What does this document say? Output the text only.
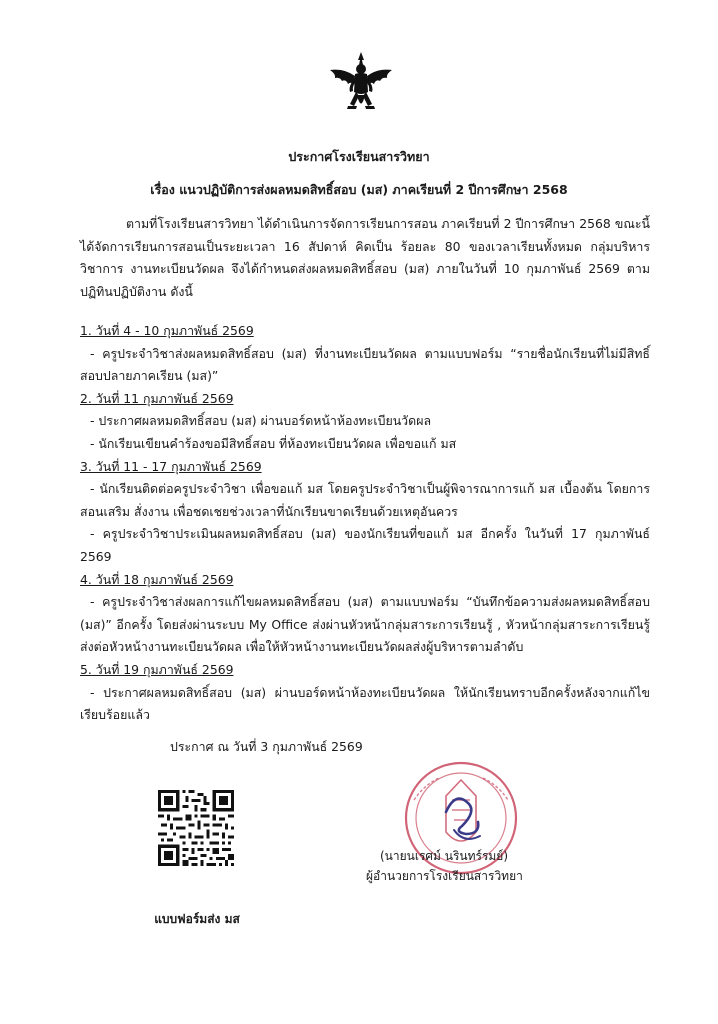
ประกาศโรงเรียนสารวิทยา
เรื่อง แนวปฏิบัติการส่งผลหมดสิทธิ์สอบ (มส) ภาคเรียนที่ 2 ปีการศึกษา 2568

ตามที่โรงเรียนสารวิทยา ได้ดำเนินการจัดการเรียนการสอน ภาคเรียนที่ 2 ปีการศึกษา 2568 ขณะนี้ได้จัดการเรียนการสอนเป็นระยะเวลา 16 สัปดาห์ คิดเป็น ร้อยละ 80 ของเวลาเรียนทั้งหมด กลุ่มบริหารวิชาการ งานทะเบียนวัดผล จึงได้กำหนดส่งผลหมดสิทธิ์สอบ (มส) ภายในวันที่ 10 กุมภาพันธ์ 2569 ตามปฏิทินปฏิบัติงาน ดังนี้

1. วันที่ 4 - 10 กุมภาพันธ์ 2569
- ครูประจำวิชาส่งผลหมดสิทธิ์สอบ (มส) ที่งานทะเบียนวัดผล ตามแบบฟอร์ม “รายชื่อนักเรียนที่ไม่มีสิทธิ์สอบปลายภาคเรียน (มส)”
2. วันที่ 11 กุมภาพันธ์ 2569
- ประกาศผลหมดสิทธิ์สอบ (มส) ผ่านบอร์ดหน้าห้องทะเบียนวัดผล
- นักเรียนเขียนคำร้องขอมีสิทธิ์สอบ ที่ห้องทะเบียนวัดผล เพื่อขอแก้ มส
3. วันที่ 11 - 17 กุมภาพันธ์ 2569
- นักเรียนติดต่อครูประจำวิชา เพื่อขอแก้ มส โดยครูประจำวิชาเป็นผู้พิจารณาการแก้ มส เบื้องต้น โดยการสอนเสริม สั่งงาน เพื่อชดเชยช่วงเวลาที่นักเรียนขาดเรียนด้วยเหตุอันควร
- ครูประจำวิชาประเมินผลหมดสิทธิ์สอบ (มส) ของนักเรียนที่ขอแก้ มส อีกครั้ง ในวันที่ 17 กุมภาพันธ์ 2569
4. วันที่ 18 กุมภาพันธ์ 2569
- ครูประจำวิชาส่งผลการแก้ไขผลหมดสิทธิ์สอบ (มส) ตามแบบฟอร์ม “บันทึกข้อความส่งผลหมดสิทธิ์สอบ (มส)” อีกครั้ง โดยส่งผ่านระบบ My Office ส่งผ่านหัวหน้ากลุ่มสาระการเรียนรู้ , หัวหน้ากลุ่มสาระการเรียนรู้ส่งต่อหัวหน้างานทะเบียนวัดผล เพื่อให้หัวหน้างานทะเบียนวัดผลส่งผู้บริหารตามลำดับ
5. วันที่ 19 กุมภาพันธ์ 2569
- ประกาศผลหมดสิทธิ์สอบ (มส) ผ่านบอร์ดหน้าห้องทะเบียนวัดผล ให้นักเรียนทราบอีกครั้งหลังจากแก้ไขเรียบร้อยแล้ว
ประกาศ ณ วันที่ 3 กุมภาพันธ์ 2569
แบบฟอร์มส่ง มส
(นายนเรศม์ นรินทร์รมย์)
ผู้อำนวยการโรงเรียนสารวิทยา
